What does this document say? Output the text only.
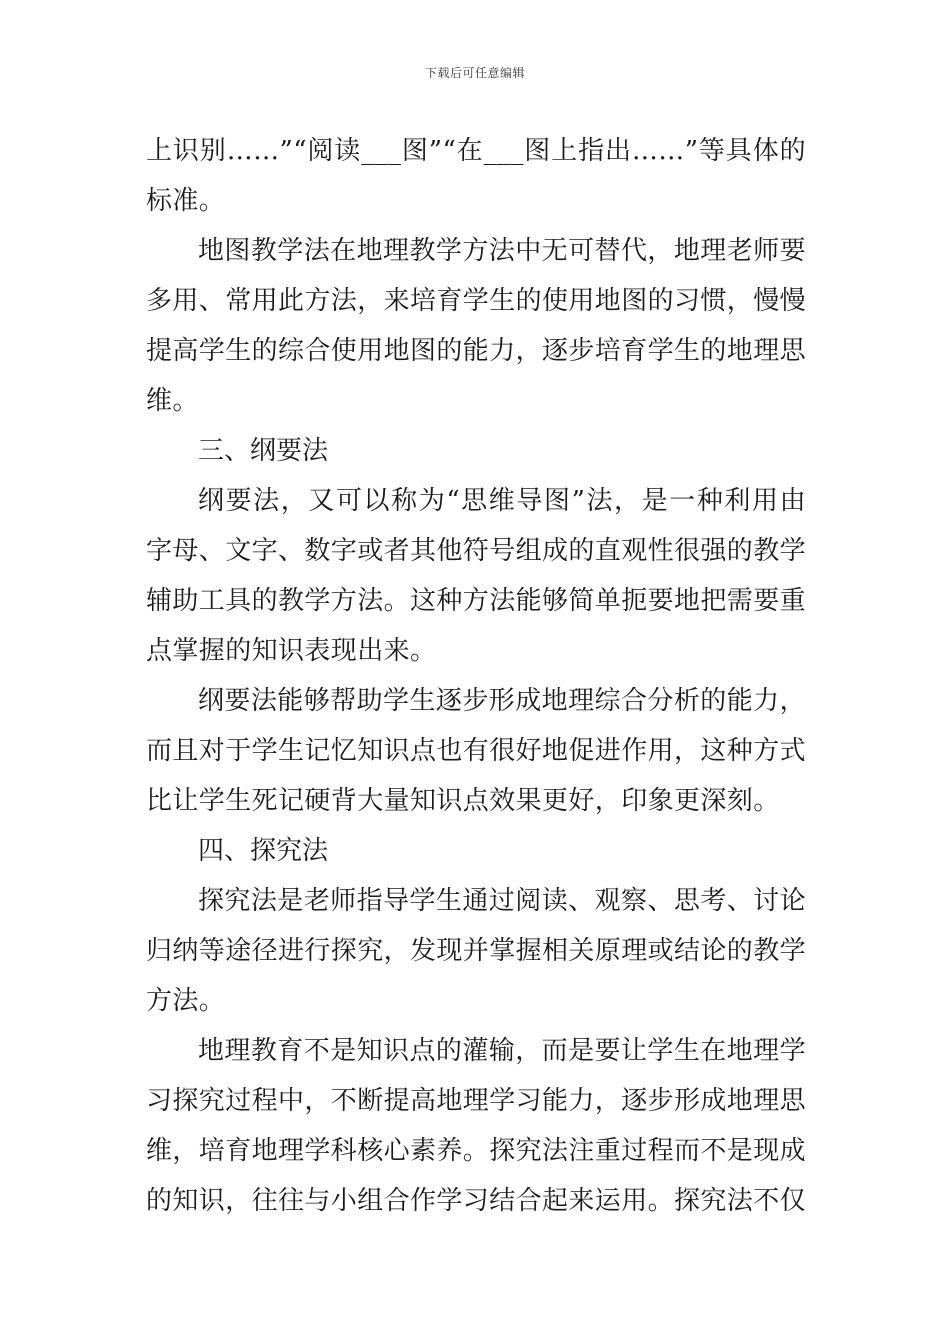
下载后可任意编辑

上识别……”“阅读___图”“在___图上指出……”等具体的标准。

地图教学法在地理教学方法中无可替代，地理老师要多用、常用此方法，来培育学生的使用地图的习惯，慢慢提高学生的综合使用地图的能力，逐步培育学生的地理思维。

三、纲要法

纲要法，又可以称为“思维导图”法，是一种利用由字母、文字、数字或者其他符号组成的直观性很强的教学辅助工具的教学方法。这种方法能够简单扼要地把需要重点掌握的知识表现出来。

纲要法能够帮助学生逐步形成地理综合分析的能力，而且对于学生记忆知识点也有很好地促进作用，这种方式比让学生死记硬背大量知识点效果更好，印象更深刻。

四、探究法

探究法是老师指导学生通过阅读、观察、思考、讨论归纳等途径进行探究，发现并掌握相关原理或结论的教学方法。

地理教育不是知识点的灌输，而是要让学生在地理学习探究过程中，不断提高地理学习能力，逐步形成地理思维，培育地理学科核心素养。探究法注重过程而不是现成的知识，往往与小组合作学习结合起来运用。探究法不仅
